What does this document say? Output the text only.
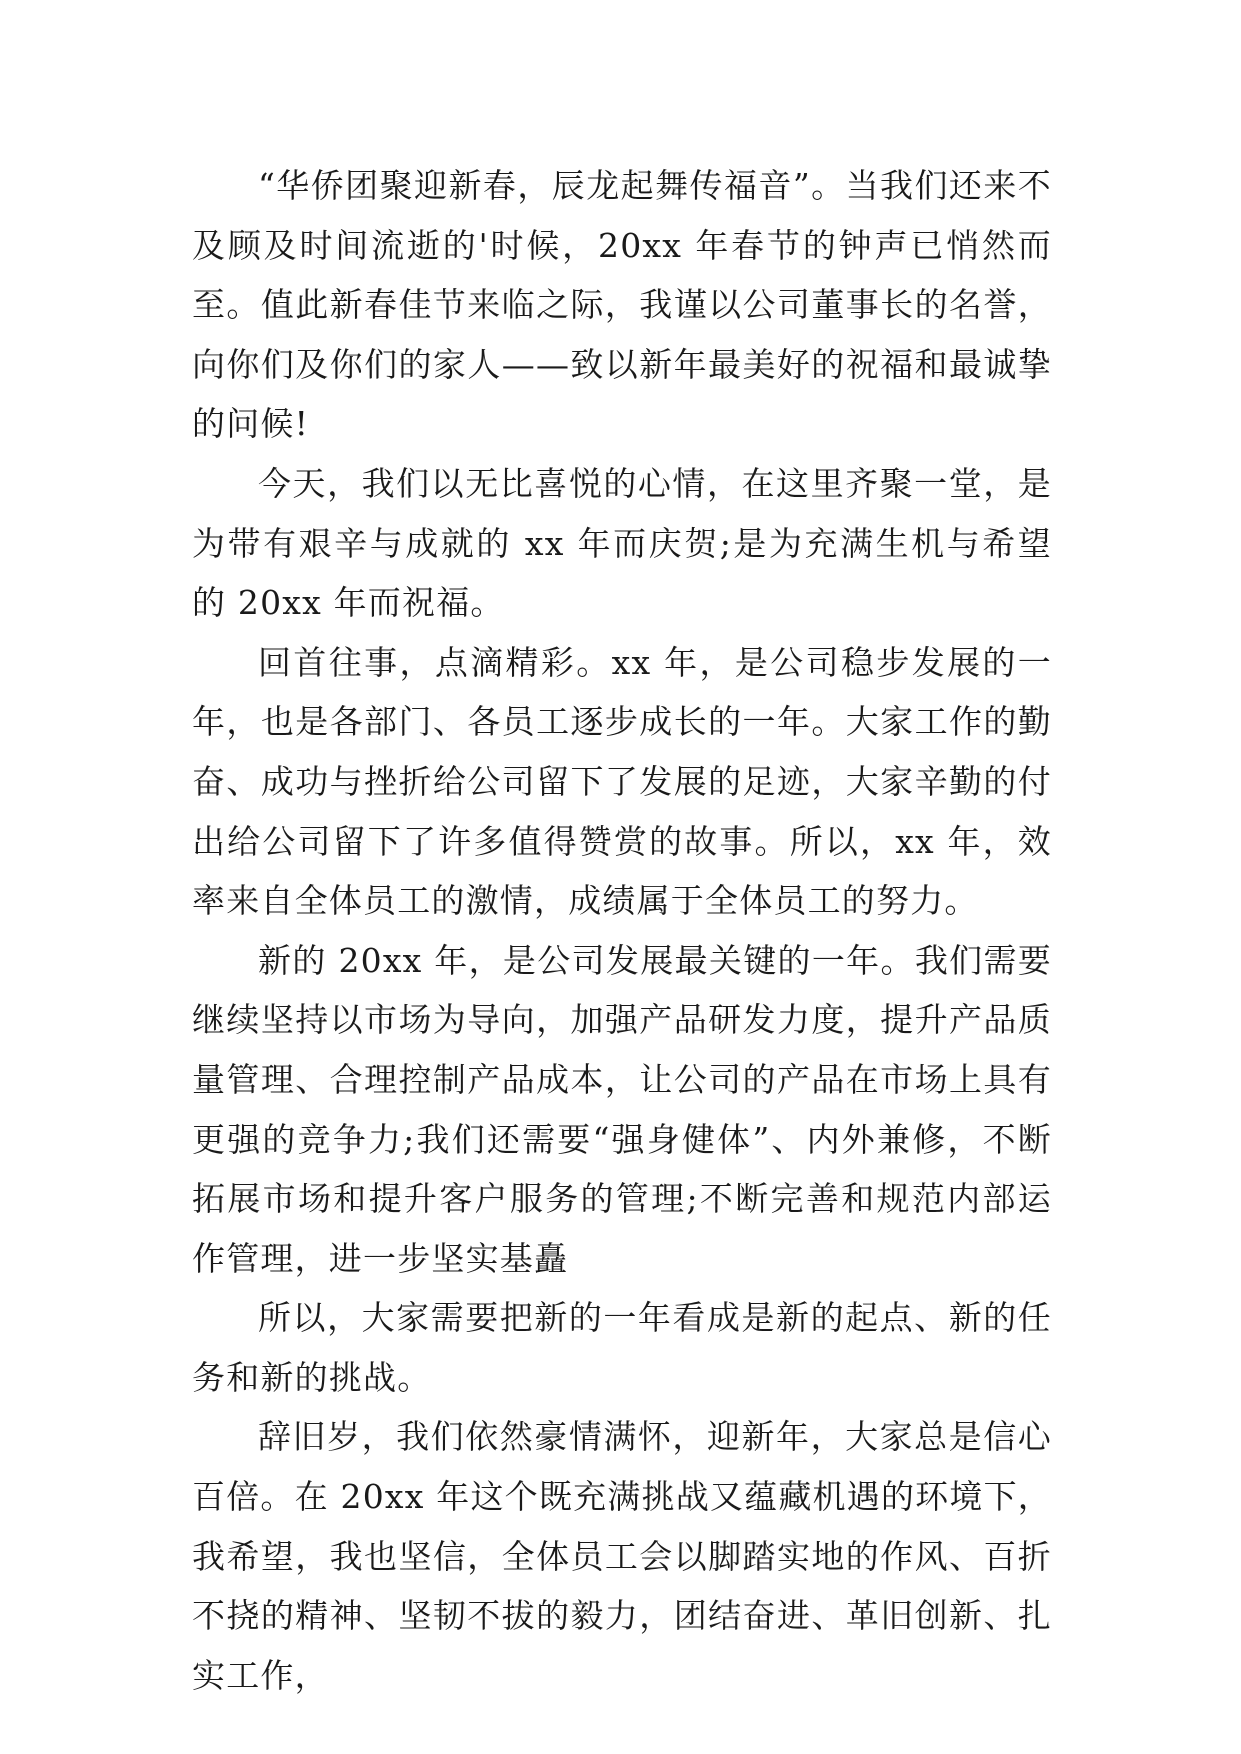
“华侨团聚迎新春，辰龙起舞传福音”。当我们还来不及顾及时间流逝的'时候，20xx 年春节的钟声已悄然而至。值此新春佳节来临之际，我谨以公司董事长的名誉，向你们及你们的家人——致以新年最美好的祝福和最诚挚的问候!

今天，我们以无比喜悦的心情，在这里齐聚一堂，是为带有艰辛与成就的 xx 年而庆贺;是为充满生机与希望的 20xx 年而祝福。

回首往事，点滴精彩。xx 年，是公司稳步发展的一年，也是各部门、各员工逐步成长的一年。大家工作的勤奋、成功与挫折给公司留下了发展的足迹，大家辛勤的付出给公司留下了许多值得赞赏的故事。所以，xx 年，效率来自全体员工的激情，成绩属于全体员工的努力。

新的 20xx 年，是公司发展最关键的一年。我们需要继续坚持以市场为导向，加强产品研发力度，提升产品质量管理、合理控制产品成本，让公司的产品在市场上具有更强的竞争力;我们还需要“强身健体”、内外兼修，不断拓展市场和提升客户服务的管理;不断完善和规范内部运作管理，进一步坚实基矗

所以，大家需要把新的一年看成是新的起点、新的任务和新的挑战。

辞旧岁，我们依然豪情满怀，迎新年，大家总是信心百倍。在 20xx 年这个既充满挑战又蕴藏机遇的环境下，我希望，我也坚信，全体员工会以脚踏实地的作风、百折不挠的精神、坚韧不拔的毅力，团结奋进、革旧创新、扎实工作，
